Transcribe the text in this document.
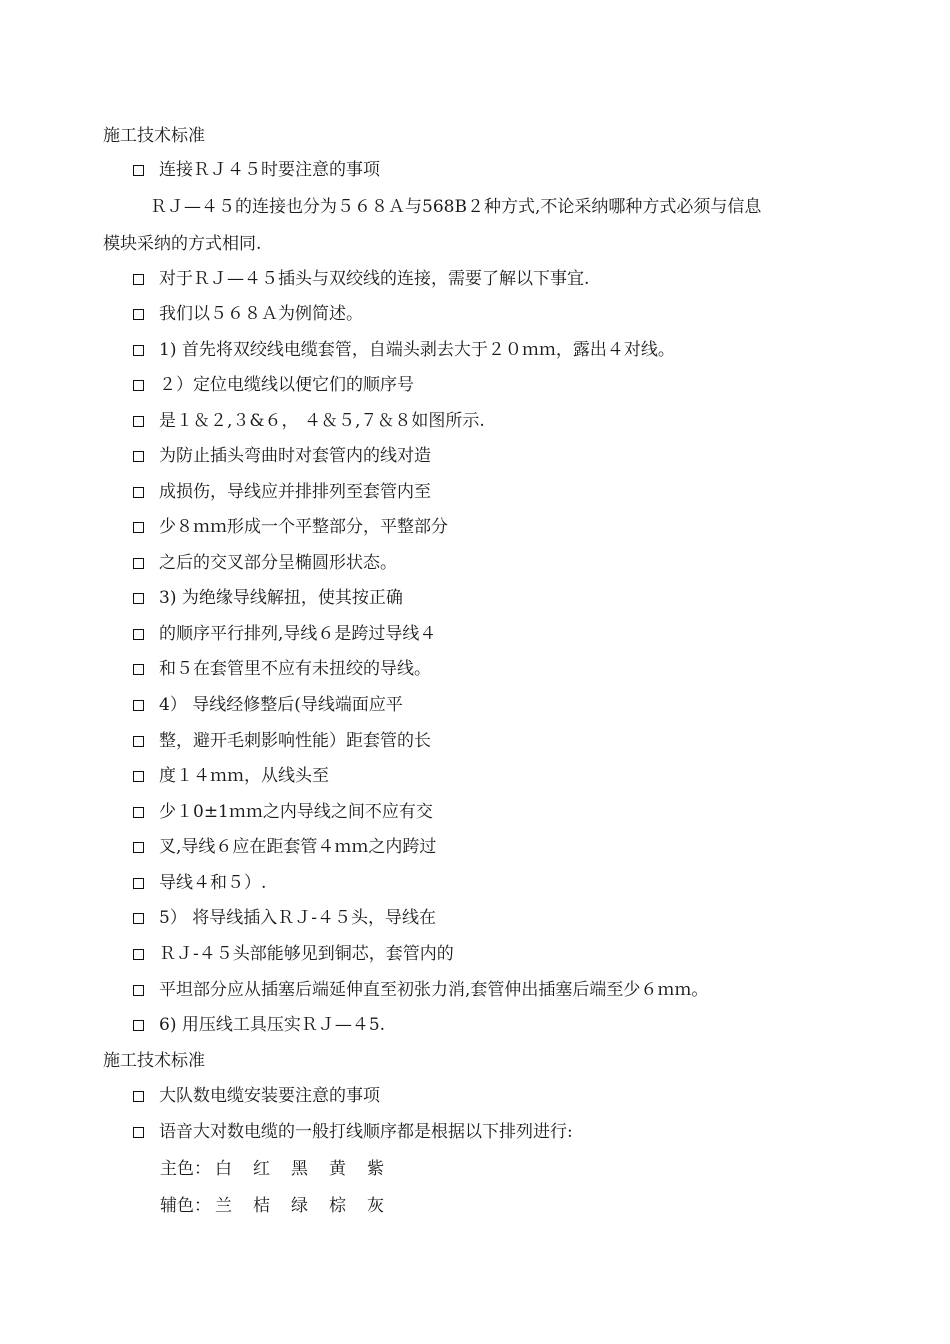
施工技术标准
连接ＲＪ４５时要注意的事项
ＲＪ—４５的连接也分为５６８Ａ与568B２种方式,不论采纳哪种方式必须与信息
模块采纳的方式相同.
对于ＲＪ—４５插头与双绞线的连接，需要了解以下事宜.
我们以５６８Ａ为例简述。
1) 首先将双绞线电缆套管，自端头剥去大于２０ｍｍ，露出４对线。
２）定位电缆线以便它们的顺序号
是１＆２,３&６， ４＆５,７＆８如图所示.
为防止插头弯曲时对套管内的线对造
成损伤，导线应并排排列至套管内至
少８ｍｍ形成一个平整部分，平整部分
之后的交叉部分呈椭圆形状态。
3) 为绝缘导线解扭，使其按正确
的顺序平行排列,导线６是跨过导线４
和５在套管里不应有未扭绞的导线。
4） 导线经修整后(导线端面应平
整，避开毛刺影响性能）距套管的长
度１４ｍｍ，从线头至
少１0±1ｍｍ之内导线之间不应有交
叉,导线６应在距套管４ｍｍ之内跨过
导线４和５）.
5） 将导线插入ＲＪ-４５头，导线在
ＲＪ-４５头部能够见到铜芯，套管内的
平坦部分应从插塞后端延伸直至初张力消,套管伸出插塞后端至少６ｍｍ。
6) 用压线工具压实ＲＪ—４5.
施工技术标准
大队数电缆安装要注意的事项
语音大对数电缆的一般打线顺序都是根据以下排列进行:
主色： 白	红	黑	黄	紫
辅色： 兰	桔	绿	棕	灰
